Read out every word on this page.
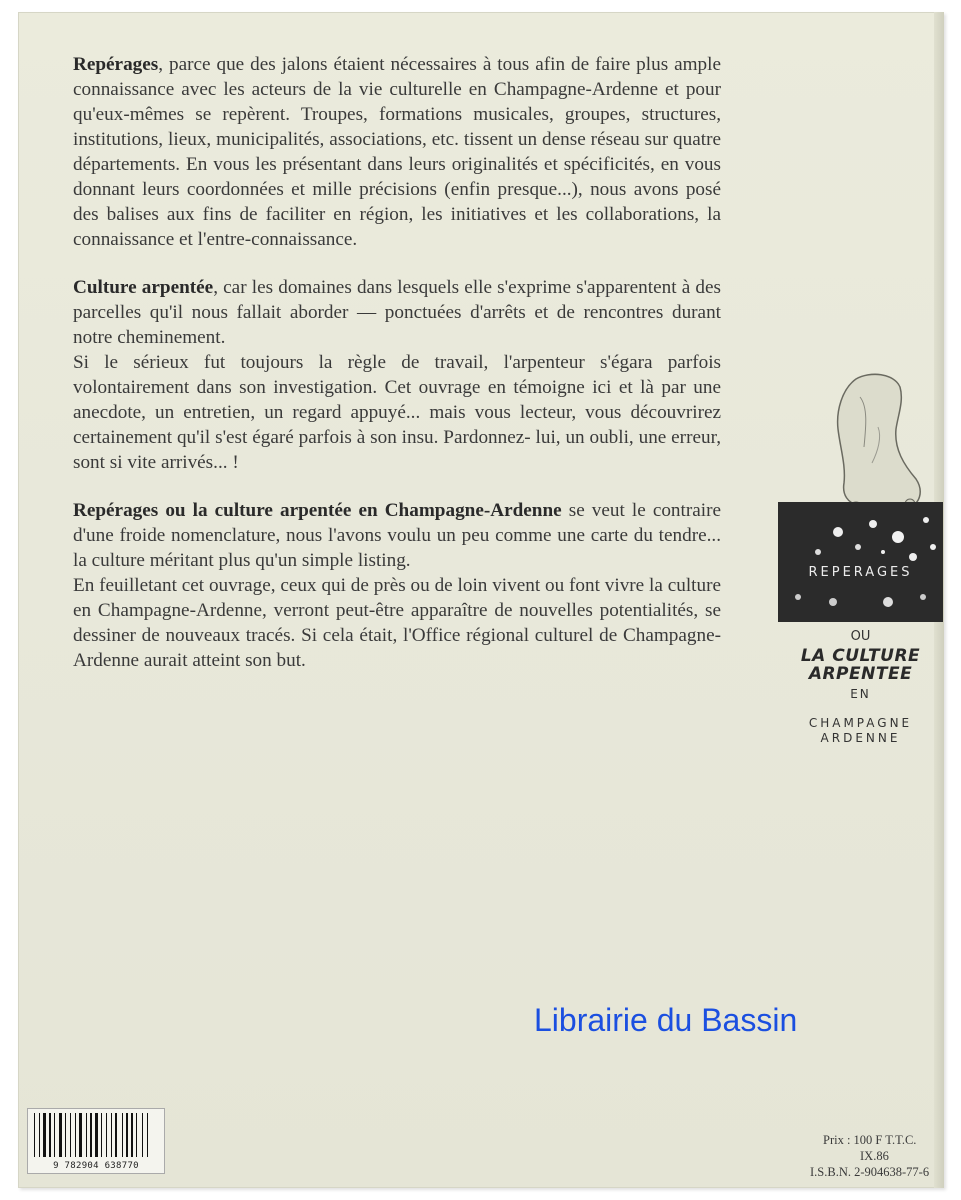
Repérages, parce que des jalons étaient nécessaires à tous afin de faire plus ample connaissance avec les acteurs de la vie culturelle en Champagne-Ardenne et pour qu'eux-mêmes se repèrent. Troupes, formations musicales, groupes, structures, institutions, lieux, municipalités, associations, etc. tissent un dense réseau sur quatre départements. En vous les présentant dans leurs originalités et spécificités, en vous donnant leurs coordonnées et mille précisions (enfin presque...), nous avons posé des balises aux fins de faciliter en région, les initiatives et les collaborations, la connaissance et l'entre-connaissance.

Culture arpentée, car les domaines dans lesquels elle s'exprime s'apparentent à des parcelles qu'il nous fallait aborder — ponctuées d'arrêts et de rencontres durant notre cheminement.

Si le sérieux fut toujours la règle de travail, l'arpenteur s'égara parfois volontairement dans son investigation. Cet ouvrage en témoigne ici et là par une anecdote, un entretien, un regard appuyé... mais vous lecteur, vous découvrirez certainement qu'il s'est égaré parfois à son insu. Pardonnez- lui, un oubli, une erreur, sont si vite arrivés... !

Repérages ou la culture arpentée en Champagne-Ardenne se veut le contraire d'une froide nomenclature, nous l'avons voulu un peu comme une carte du tendre... la culture méritant plus qu'un simple listing.

En feuilletant cet ouvrage, ceux qui de près ou de loin vivent ou font vivre la culture en Champagne-Ardenne, verront peut-être apparaître de nouvelles potentialités, se dessiner de nouveaux tracés. Si cela était, l'Office régional culturel de Champagne-Ardenne aurait atteint son but.

REPERAGES
OU
LA CULTURE
ARPENTEE
EN
CHAMPAGNE
ARDENNE
Prix : 100 F T.T.C.
IX.86
I.S.B.N. 2-904638-77-6
Librairie du Bassin
9 782904 638770
